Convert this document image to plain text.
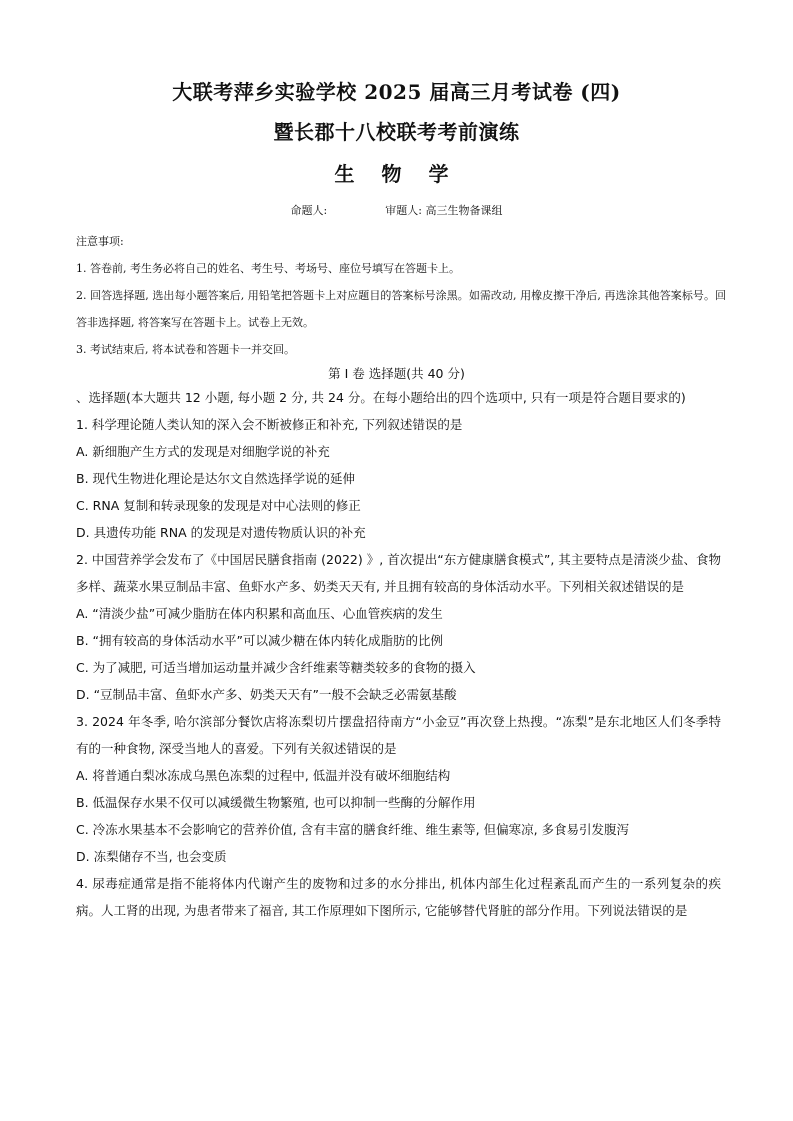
大联考萍乡实验学校 2025 届高三月考试卷 (四)
暨长郡十八校联考考前演练
生 物 学
命题人:	审题人: 高三生物备课组
注意事项:
1. 答卷前, 考生务必将自己的姓名、考生号、考场号、座位号填写在答题卡上。
2. 回答选择题, 选出每小题答案后, 用铅笔把答题卡上对应题目的答案标号涂黑。如需改动, 用橡皮擦干净后, 再选涂其他答案标号。回答非选择题, 将答案写在答题卡上。试卷上无效。
3. 考试结束后, 将本试卷和答题卡一并交回。
第 I 卷 选择题(共 40 分)

、选择题(本大题共 12 小题, 每小题 2 分, 共 24 分。在每小题给出的四个选项中, 只有一项是符合题目要求的)

1. 科学理论随人类认知的深入会不断被修正和补充, 下列叙述错误的是

A. 新细胞产生方式的发现是对细胞学说的补充

B. 现代生物进化理论是达尔文自然选择学说的延伸

C. RNA 复制和转录现象的发现是对中心法则的修正

D. 具遗传功能 RNA 的发现是对遗传物质认识的补充

2. 中国营养学会发布了《中国居民膳食指南 (2022) 》, 首次提出“东方健康膳食模式”, 其主要特点是清淡少盐、食物多样、蔬菜水果豆制品丰富、鱼虾水产多、奶类天天有, 并且拥有较高的身体活动水平。下列相关叙述错误的是

A. “清淡少盐”可减少脂肪在体内积累和高血压、心血管疾病的发生

B. “拥有较高的身体活动水平”可以减少糖在体内转化成脂肪的比例

C. 为了减肥, 可适当增加运动量并减少含纤维素等糖类较多的食物的摄入

D. “豆制品丰富、鱼虾水产多、奶类天天有”一般不会缺乏必需氨基酸

3. 2024 年冬季, 哈尔滨部分餐饮店将冻梨切片摆盘招待南方“小金豆”再次登上热搜。“冻梨”是东北地区人们冬季特有的一种食物, 深受当地人的喜爱。下列有关叙述错误的是

A. 将普通白梨冰冻成乌黑色冻梨的过程中, 低温并没有破坏细胞结构

B. 低温保存水果不仅可以减缓微生物繁殖, 也可以抑制一些酶的分解作用

C. 冷冻水果基本不会影响它的营养价值, 含有丰富的膳食纤维、维生素等, 但偏寒凉, 多食易引发腹泻

D. 冻梨储存不当, 也会变质

4. 尿毒症通常是指不能将体内代谢产生的废物和过多的水分排出, 机体内部生化过程紊乱而产生的一系列复杂的疾病。人工肾的出现, 为患者带来了福音, 其工作原理如下图所示, 它能够替代肾脏的部分作用。下列说法错误的是
